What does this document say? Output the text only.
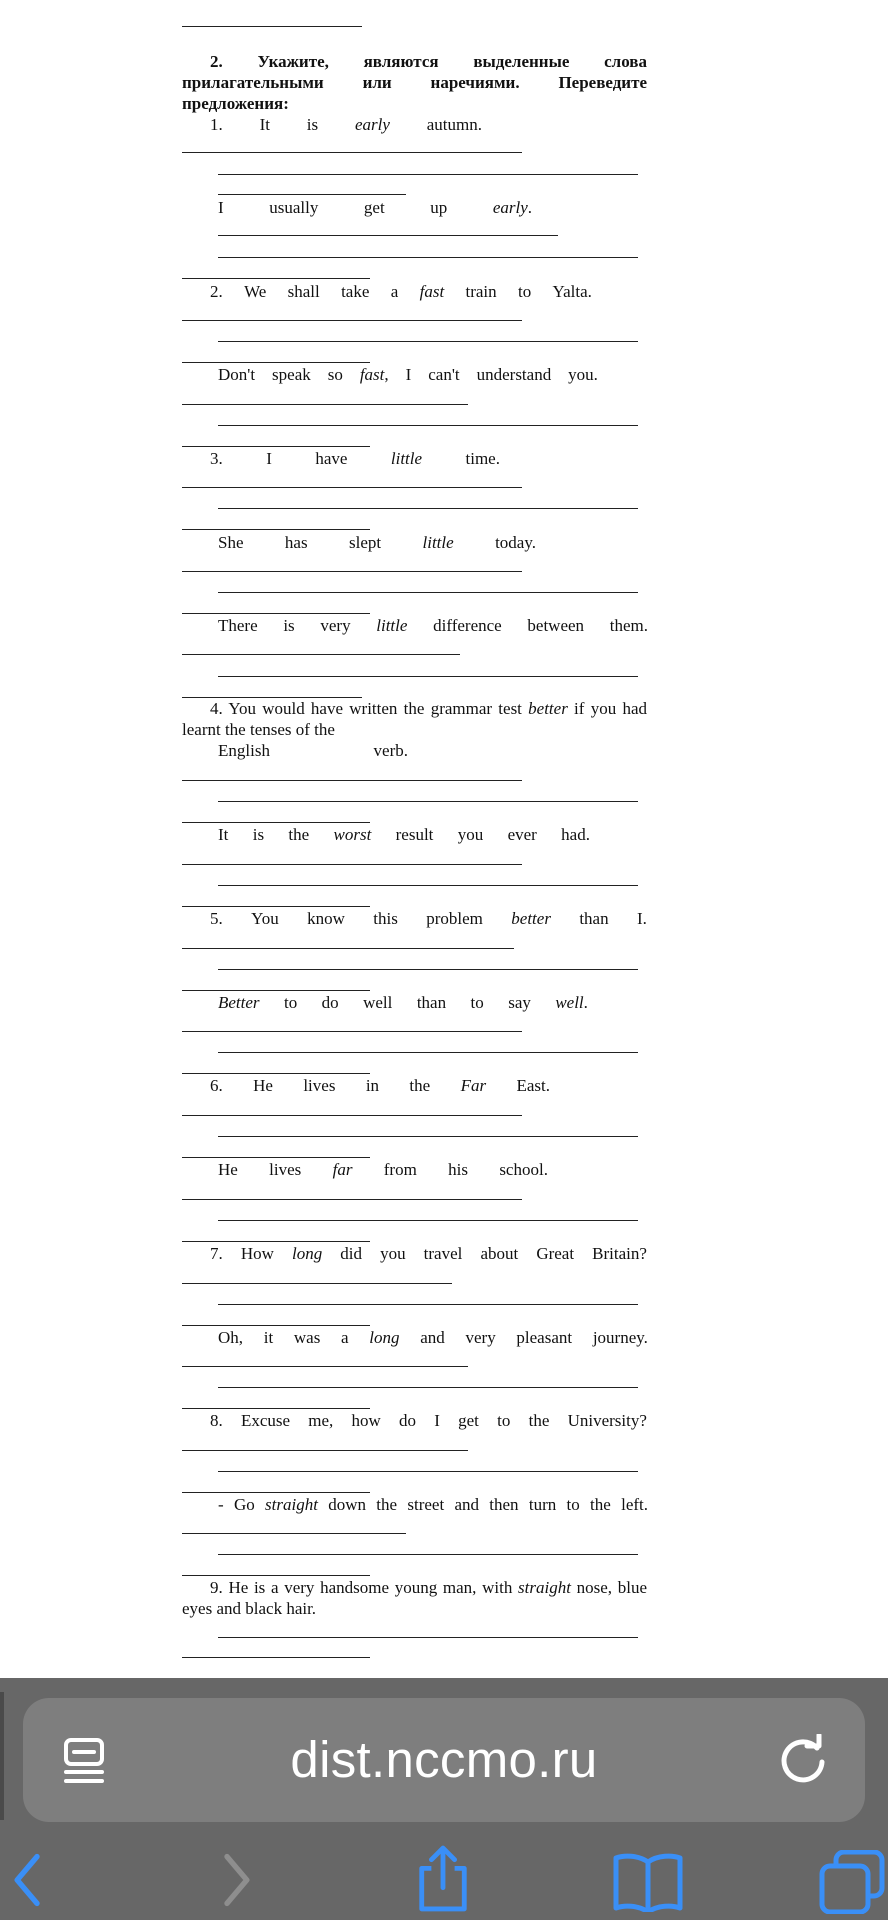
2. Укажите, являются выделенные слова
прилагательными или наречиями. Переведите
предложения:
1. It is early autumn.
I	usually	get	up	early.
2. We shall take a fast train to Yalta.
Don't speak so fast, I can't understand you.
3.	I	have	little	time.
She has slept little today.
There is very little difference between them.
4. You would have written the grammar test better if you had learnt the tenses of the
English	verb.
It is the worst result you ever had.
5. You know this problem better than I.
Better to do well than to say well.
6. He lives in the Far East.
He lives far from his school.
7. How long did you travel about Great Britain?
Oh, it was a long and very pleasant journey.
8. Excuse me, how do I get to the University?
- Go straight down the street and then turn to the left.
9. He is a very handsome young man, with straight nose, blue eyes and black hair.
dist.nccmo.ru
